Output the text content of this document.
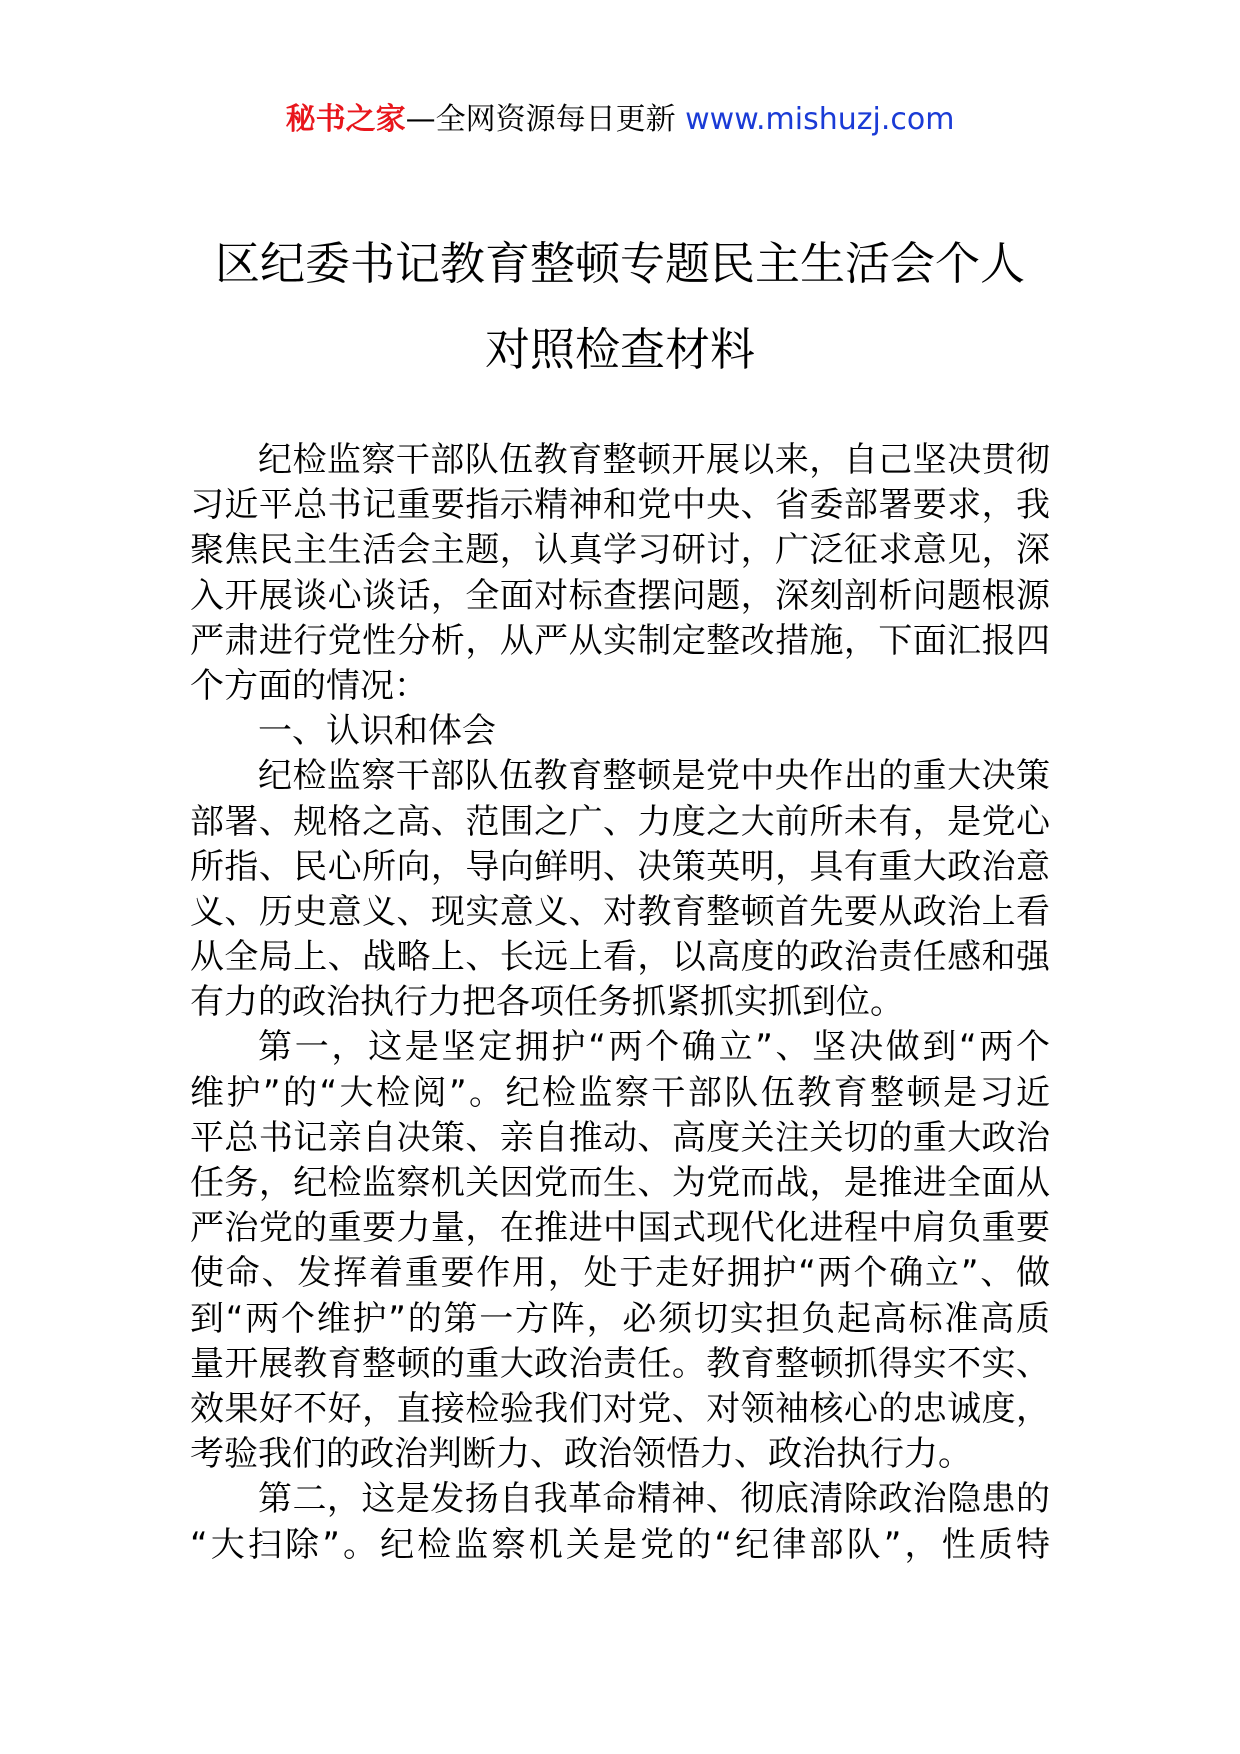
秘书之家—全网资源每日更新 www.mishuzj.com
区纪委书记教育整顿专题民主生活会个人
对照检查材料
纪检监察干部队伍教育整顿开展以来，自己坚决贯彻
习近平总书记重要指示精神和党中央、省委部署要求，我
聚焦民主生活会主题，认真学习研讨，广泛征求意见，深
入开展谈心谈话，全面对标查摆问题，深刻剖析问题根源
严肃进行党性分析，从严从实制定整改措施，下面汇报四
个方面的情况：
一、认识和体会
纪检监察干部队伍教育整顿是党中央作出的重大决策
部署、规格之高、范围之广、力度之大前所未有，是党心
所指、民心所向，导向鲜明、决策英明，具有重大政治意
义、历史意义、现实意义、对教育整顿首先要从政治上看
从全局上、战略上、长远上看，以高度的政治责任感和强
有力的政治执行力把各项任务抓紧抓实抓到位。
第一，这是坚定拥护“两个确立”、坚决做到“两个
维护”的“大检阅”。纪检监察干部队伍教育整顿是习近
平总书记亲自决策、亲自推动、高度关注关切的重大政治
任务，纪检监察机关因党而生、为党而战，是推进全面从
严治党的重要力量，在推进中国式现代化进程中肩负重要
使命、发挥着重要作用，处于走好拥护“两个确立”、做
到“两个维护”的第一方阵，必须切实担负起高标准高质
量开展教育整顿的重大政治责任。教育整顿抓得实不实、
效果好不好，直接检验我们对党、对领袖核心的忠诚度，
考验我们的政治判断力、政治领悟力、政治执行力。
第二，这是发扬自我革命精神、彻底清除政治隐患的
“大扫除”。纪检监察机关是党的“纪律部队”，性质特
